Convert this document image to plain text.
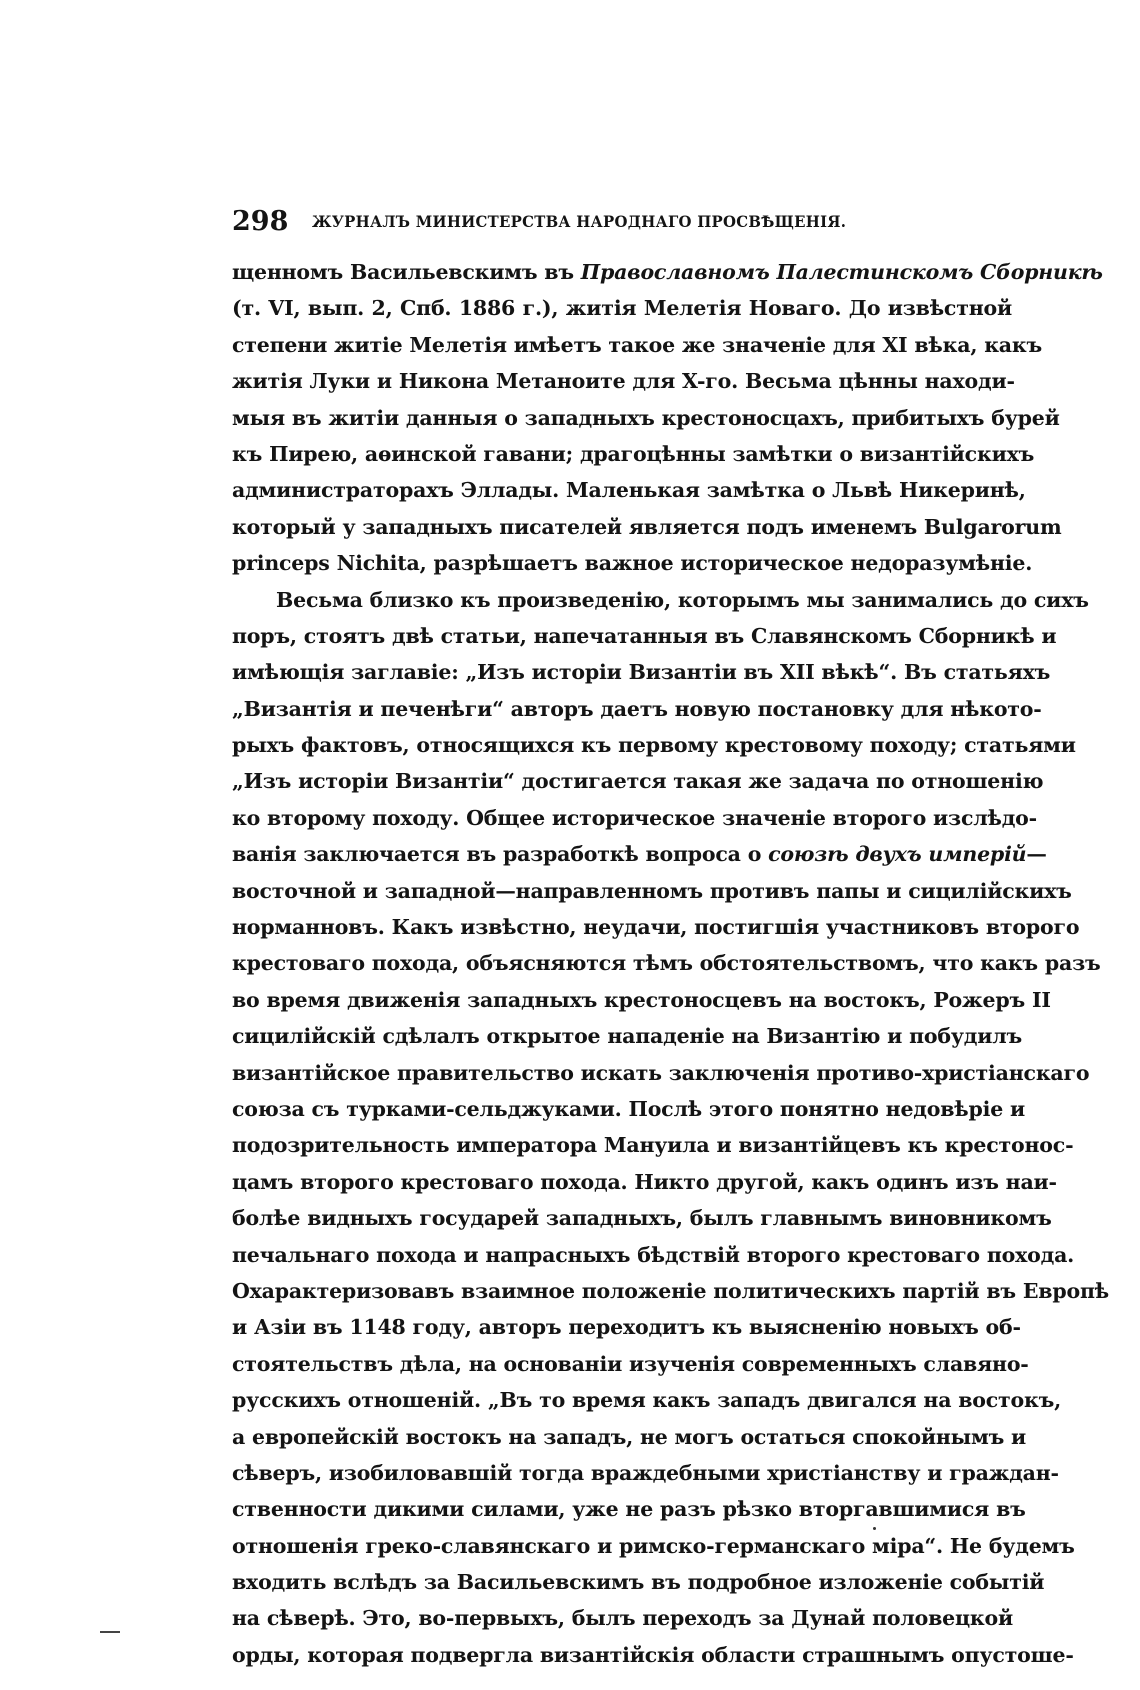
298 ЖУРНАЛЪ МИНИСТЕРСТВА НАРОДНАГО ПРОСВѢЩЕНІЯ.
щенномъ Васильевскимъ въ Православномъ Палестинскомъ Сборникѣ
(т. VI, вып. 2, Спб. 1886 г.), житія Мелетія Новаго. До извѣстной
степени житіе Мелетія имѣетъ такое же значеніе для XI вѣка, какъ
житія Луки и Никона Метаноите для X-го. Весьма цѣнны находи-
мыя въ житіи данныя о западныхъ крестоносцахъ, прибитыхъ бурей
къ Пирею, аѳинской гавани; драгоцѣнны замѣтки о византійскихъ
администраторахъ Эллады. Маленькая замѣтка о Львѣ Никеринѣ,
который у западныхъ писателей является подъ именемъ Bulgarorum
princeps Nichita, разрѣшаетъ важное историческое недоразумѣніе.
Весьма близко къ произведенію, которымъ мы занимались до сихъ
поръ, стоятъ двѣ статьи, напечатанныя въ Славянскомъ Сборникѣ и
имѣющія заглавіе: „Изъ исторіи Византіи въ XII вѣкѣ“. Въ статьяхъ
„Византія и печенѣги“ авторъ даетъ новую постановку для нѣкото-
рыхъ фактовъ, относящихся къ первому крестовому походу; статьями
„Изъ исторіи Византіи“ достигается такая же задача по отношенію
ко второму походу. Общее историческое значеніе второго изслѣдо-
ванія заключается въ разработкѣ вопроса о союзѣ двухъ имперій—
восточной и западной—направленномъ противъ папы и сицилійскихъ
норманновъ. Какъ извѣстно, неудачи, постигшія участниковъ второго
крестоваго похода, объясняются тѣмъ обстоятельствомъ, что какъ разъ
во время движенія западныхъ крестоносцевъ на востокъ, Рожеръ II
сицилійскій сдѣлалъ открытое нападеніе на Византію и побудилъ
византійское правительство искать заключенія противо-христіанскаго
союза съ турками-сельджуками. Послѣ этого понятно недовѣріе и
подозрительность императора Мануила и византійцевъ къ крестонос-
цамъ второго крестоваго похода. Никто другой, какъ одинъ изъ наи-
болѣе видныхъ государей западныхъ, былъ главнымъ виновникомъ
печальнаго похода и напрасныхъ бѣдствій второго крестоваго похода.
Охарактеризовавъ взаимное положеніе политическихъ партій въ Европѣ
и Азіи въ 1148 году, авторъ переходитъ къ выясненію новыхъ об-
стоятельствъ дѣла, на основаніи изученія современныхъ славяно-
русскихъ отношеній. „Въ то время какъ западъ двигался на востокъ,
а европейскій востокъ на западъ, не могъ остаться спокойнымъ и
сѣверъ, изобиловавшій тогда враждебными христіанству и граждан-
ственности дикими силами, уже не разъ рѣзко вторгавшимися въ
отношенія греко-славянскаго и римско-германскаго міра“. Не будемъ
входить вслѣдъ за Васильевскимъ въ подробное изложеніе событій
на сѣверѣ. Это, во-первыхъ, былъ переходъ за Дунай половецкой
орды, которая подвергла византійскія области страшнымъ опустоше-
